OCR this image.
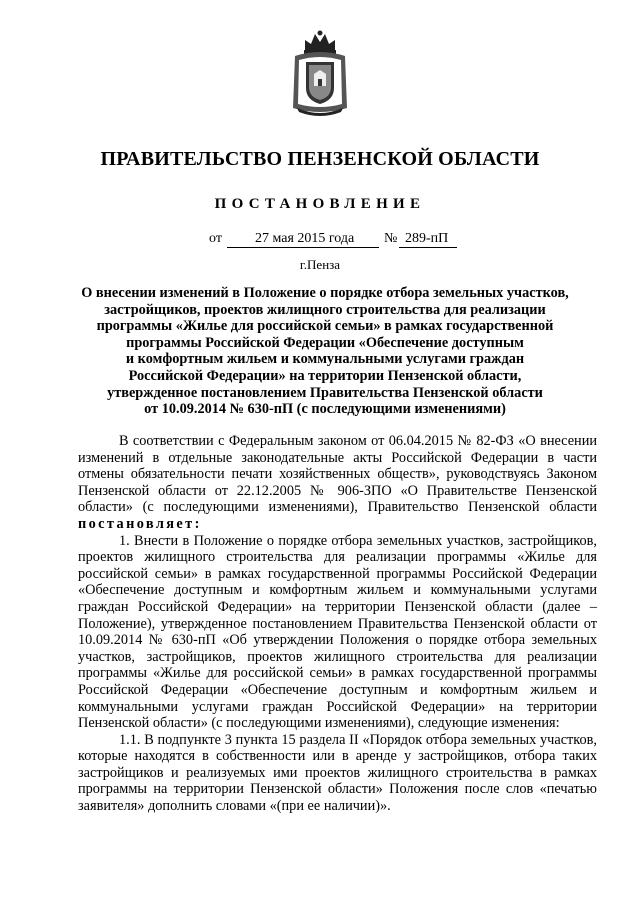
ПРАВИТЕЛЬСТВО ПЕНЗЕНСКОЙ ОБЛАСТИ
ПОСТАНОВЛЕНИЕ
от 27 мая 2015 года № 289-пП
г.Пенза
О внесении изменений в Положение о порядке отбора земельных участков,
застройщиков, проектов жилищного строительства для реализации
программы «Жилье для российской семьи» в рамках государственной
программы Российской Федерации «Обеспечение доступным
и комфортным жильем и коммунальными услугами граждан
Российской Федерации» на территории Пензенской области,
утвержденное постановлением Правительства Пензенской области
от 10.09.2014 № 630-пП (с последующими изменениями)

В соответствии с Федеральным законом от 06.04.2015 № 82-ФЗ «О внесении изменений в отдельные законодательные акты Российской Федерации в части отмены обязательности печати хозяйственных обществ», руководствуясь Законом Пензенской области от 22.12.2005 № 906-ЗПО «О Правительстве Пензенской области» (с последующими изменениями), Правительство Пензенской области постановляет:

1. Внести в Положение о порядке отбора земельных участков, застройщиков, проектов жилищного строительства для реализации программы «Жилье для российской семьи» в рамках государственной программы Российской Федерации «Обеспечение доступным и комфортным жильем и коммунальными услугами граждан Российской Федерации» на территории Пензенской области (далее – Положение), утвержденное постановлением Правительства Пензенской области от 10.09.2014 № 630-пП «Об утверждении Положения о порядке отбора земельных участков, застройщиков, проектов жилищного строительства для реализации программы «Жилье для российской семьи» в рамках государственной программы Российской Федерации «Обеспечение доступным и комфортным жильем и коммунальными услугами граждан Российской Федерации» на территории Пензенской области» (с последующими изменениями), следующие изменения:

1.1. В подпункте 3 пункта 15 раздела II «Порядок отбора земельных участков, которые находятся в собственности или в аренде у застройщиков, отбора таких застройщиков и реализуемых ими проектов жилищного строительства в рамках программы на территории Пензенской области» Положения после слов «печатью заявителя» дополнить словами «(при ее наличии)».
